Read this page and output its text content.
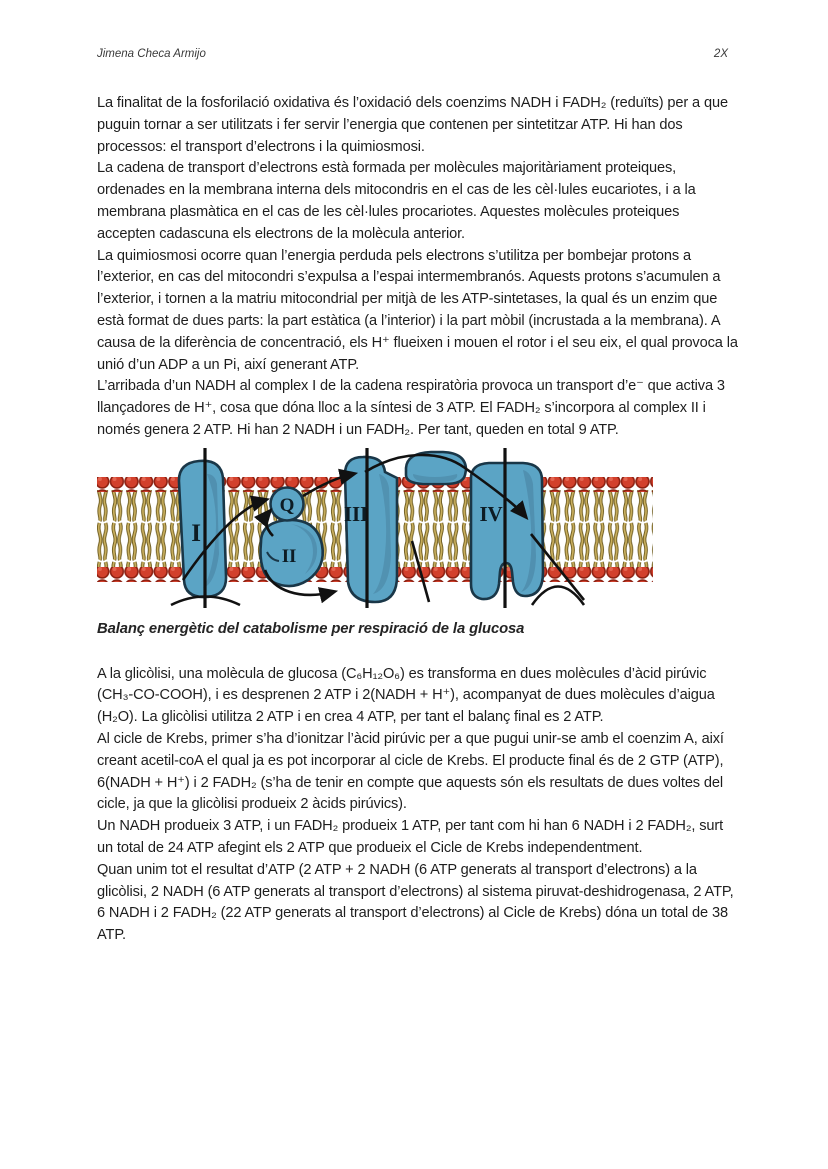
Jimena Checa Armijo	2X

La finalitat de la fosforilació oxidativa és l’oxidació dels coenzims NADH i FADH₂ (reduïts) per a que puguin tornar a ser utilitzats i fer servir l’energia que contenen per sintetitzar ATP. Hi han dos processos: el transport d’electrons i la quimiosmosi.

La cadena de transport d’electrons està formada per molècules majoritàriament proteiques, ordenades en la membrana interna dels mitocondris en el cas de les cèl·lules eucariotes, i a la membrana plasmàtica en el cas de les cèl·lules procariotes. Aquestes molècules proteiques accepten cadascuna els electrons de la molècula anterior.

La quimiosmosi ocorre quan l’energia perduda pels electrons s’utilitza per bombejar protons a l’exterior, en cas del mitocondri s’expulsa a l’espai intermembranós. Aquests protons s’acumulen a l’exterior, i tornen a la matriu mitocondrial per mitjà de les ATP-sintetases, la qual és un enzim que està format de dues parts: la part estàtica (a l’interior) i la part mòbil (incrustada a la membrana). A causa de la diferència de concentració, els H⁺ flueixen i mouen el rotor i el seu eix, el qual provoca la unió d’un ADP a un Pi, així generant ATP.

L’arribada d’un NADH al complex I de la cadena respiratòria provoca un transport d’e⁻ que activa 3 llançadores de H⁺, cosa que dóna lloc a la síntesi de 3 ATP. El FADH₂ s’incorpora al complex II i només genera 2 ATP. Hi han 2 NADH i un FADH₂. Per tant, queden en total 9 ATP.

I
Q
II
III	IV
Balanç energètic del catabolisme per respiració de la glucosa

A la glicòlisi, una molècula de glucosa (C₆H₁₂O₆) es transforma en dues molècules d’àcid pirúvic (CH₃-CO-COOH), i es desprenen 2 ATP i 2(NADH + H⁺), acompanyat de dues molècules d’aigua (H₂O). La glicòlisi utilitza 2 ATP i en crea 4 ATP, per tant el balanç final es 2 ATP.

Al cicle de Krebs, primer s’ha d’ionitzar l’àcid pirúvic per a que pugui unir-se amb el coenzim A, així creant acetil-coA el qual ja es pot incorporar al cicle de Krebs. El producte final és de 2 GTP (ATP), 6(NADH + H⁺) i 2 FADH₂ (s’ha de tenir en compte que aquests són els resultats de dues voltes del cicle, ja que la glicòlisi produeix 2 àcids pirúvics).

Un NADH produeix 3 ATP, i un FADH₂ produeix 1 ATP, per tant com hi han 6 NADH i 2 FADH₂, surt un total de 24 ATP afegint els 2 ATP que produeix el Cicle de Krebs independentment.

Quan unim tot el resultat d’ATP (2 ATP + 2 NADH (6 ATP generats al transport d’electrons) a la glicòlisi, 2 NADH (6 ATP generats al transport d’electrons) al sistema piruvat-deshidrogenasa, 2 ATP, 6 NADH i 2 FADH₂ (22 ATP generats al transport d’electrons) al Cicle de Krebs) dóna un total de 38 ATP.
